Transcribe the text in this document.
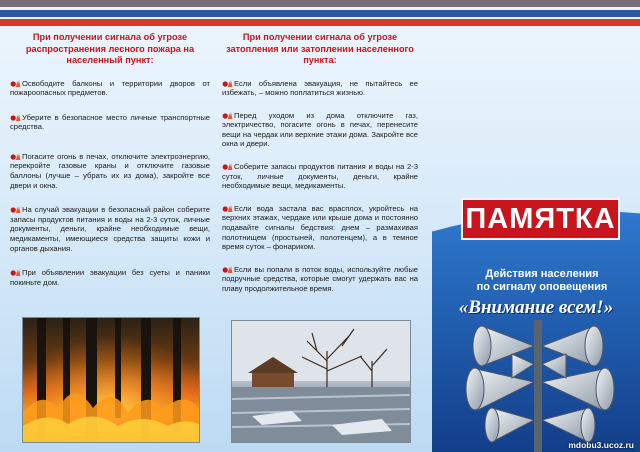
При получении сигнала об угрозе распространения лесного пожара на населенный пункт:
Освободите балконы и территории дворов от пожароопасных предметов.
Уберите в безопасное место личные транспортные средства.
Погасите огонь в печах, отключите электроэнергию, перекройте газовые краны и отключите газовые баллоны (лучше – убрать их из дома), закройте все двери и окна.
На случай эвакуации в безопасный район соберите запасы продуктов питания и воды на 2-3 суток, личные документы, деньги, крайне необходимые вещи, медикаменты, имеющиеся средства защиты кожи и органов дыхания.
При объявлении эвакуации без суеты и паники покиньте дом.
При получении сигнала об угрозе затопления или затоплении населенного пункта:
Если объявлена эвакуация, не пытайтесь ее избежать, – можно поплатиться жизнью.
Перед уходом из дома отключите газ, электричество, погасите огонь в печах, перенесите вещи на чердак или верхние этажи дома. Закройте все окна и двери.
Соберите запасы продуктов питания и воды на 2-3 суток, личные документы, деньги, крайне необходимые вещи, медикаменты.
Если вода застала вас врасплох, укройтесь на верхних этажах, чердаке или крыше дома и постоянно подавайте сигналы бедствия: днем – размахивая полотнищем (простыней, полотенцем), а в темное время суток – фонариком.
Если вы попали в поток воды, используйте любые подручные средства, которые смогут удержать вас на плаву продолжительное время.
ПАМЯТКА
Действия населения
по сигналу оповещения
«Внимание всем!»
mdobu3.ucoz.ru
